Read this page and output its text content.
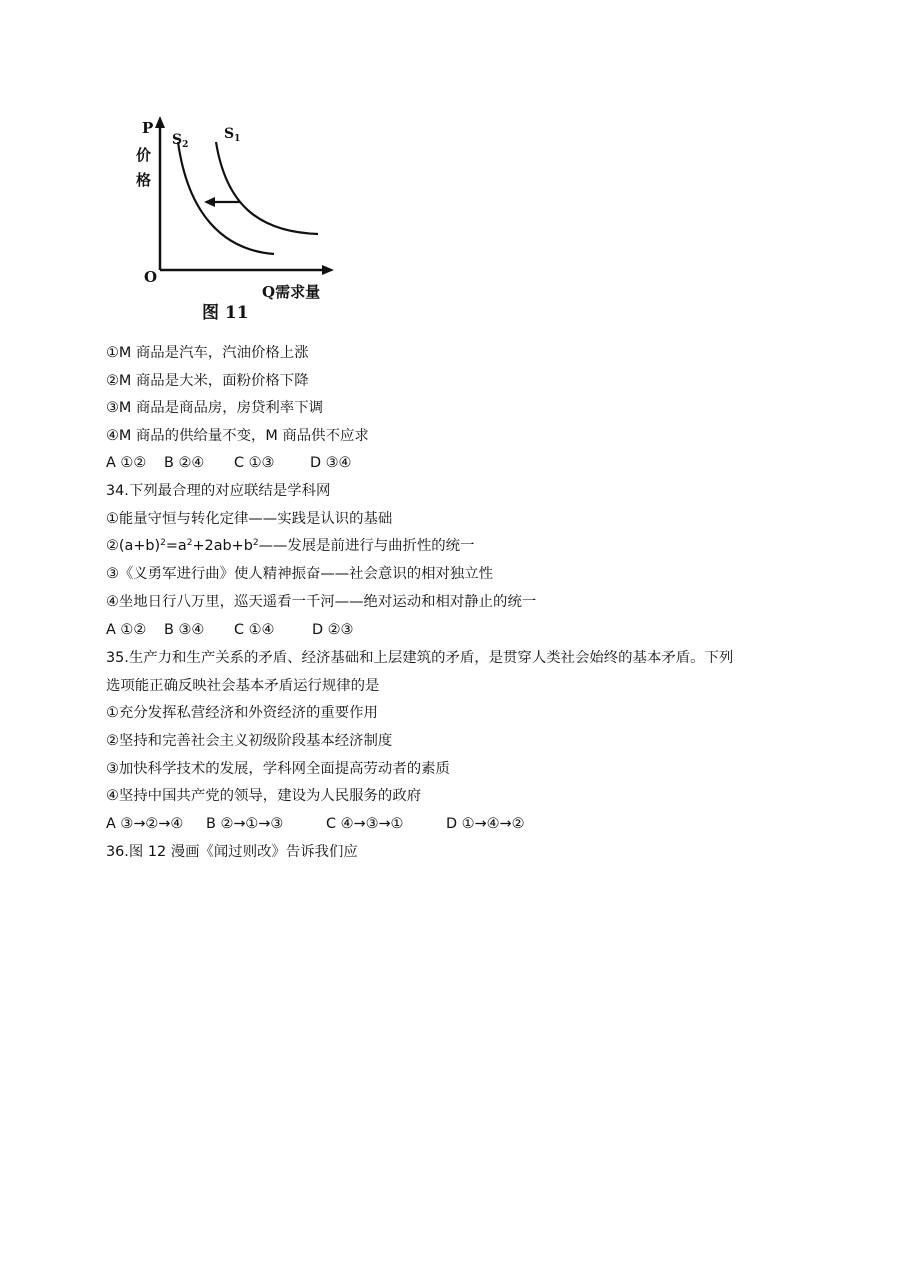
P
价
格
O
Q需求量
$S_2$
$S_1$
图 11
①M 商品是汽车，汽油价格上涨
②M 商品是大米，面粉价格下降
③M 商品是商品房，房贷利率下调
④M 商品的供给量不变，M 商品供不应求
A ①② B ②④ C ①③ D ③④
34.下列最合理的对应联结是学科网
①能量守恒与转化定律——实践是认识的基础
$②(a+b)^2=a^2+2ab+b^2——$发展是前进行与曲折性的统一
③《义勇军进行曲》使人精神振奋——社会意识的相对独立性
④坐地日行八万里，巡天遥看一千河——绝对运动和相对静止的统一
A ①② B ③④ C ①④	D ②③
35.生产力和生产关系的矛盾、经济基础和上层建筑的矛盾，是贯穿人类社会始终的基本矛盾。下列
选项能正确反映社会基本矛盾运行规律的是
①充分发挥私营经济和外资经济的重要作用
②坚持和完善社会主义初级阶段基本经济制度
③加快科学技术的发展，学科网全面提高劳动者的素质
④坚持中国共产党的领导，建设为人民服务的政府
A ③→②→④ B ②→①→③	C ④→③→①	D ①→④→②
36.图 12 漫画《闻过则改》告诉我们应
